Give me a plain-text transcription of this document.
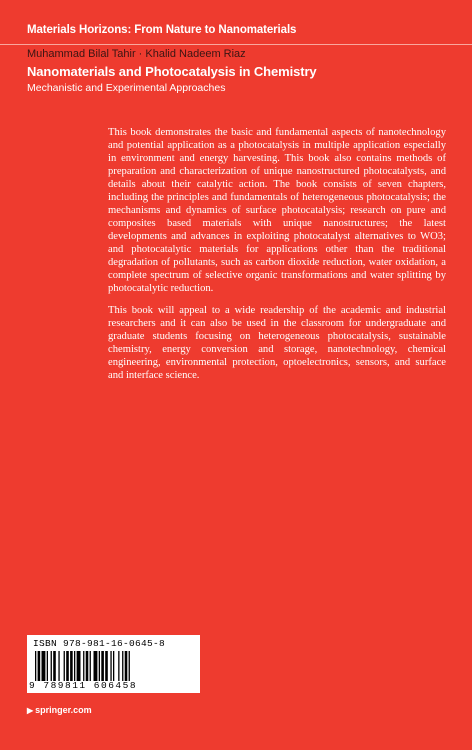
Materials Horizons: From Nature to Nanomaterials
Muhammad Bilal Tahir · Khalid Nadeem Riaz
Nanomaterials and Photocatalysis in Chemistry
Mechanistic and Experimental Approaches

This book demonstrates the basic and fundamental aspects of nanotechnology and potential application as a photocatalysis in multiple application especially in environment and energy harvesting. This book also contains methods of preparation and characterization of unique nanostructured photocatalysts, and details about their catalytic action. The book consists of seven chapters, including the principles and fundamentals of heterogeneous photocatalysis; the mechanisms and dynamics of surface photocatalysis; research on pure and composites based materials with unique nanostructures; the latest developments and advances in exploiting photocatalyst alternatives to WO3; and photocatalytic materials for applications other than the traditional degradation of pollutants, such as carbon dioxide reduction, water oxidation, a complete spectrum of selective organic transformations and water splitting by photocatalytic reduction.

This book will appeal to a wide readership of the academic and industrial researchers and it can also be used in the classroom for undergraduate and graduate students focusing on heterogeneous photocatalysis, sustainable chemistry, energy conversion and storage, nanotechnology, chemical engineering, environmental protection, optoelectronics, sensors, and surface and interface science.

ISBN 978-981-16-0645-8
9 789811 606458
▶ springer.com
